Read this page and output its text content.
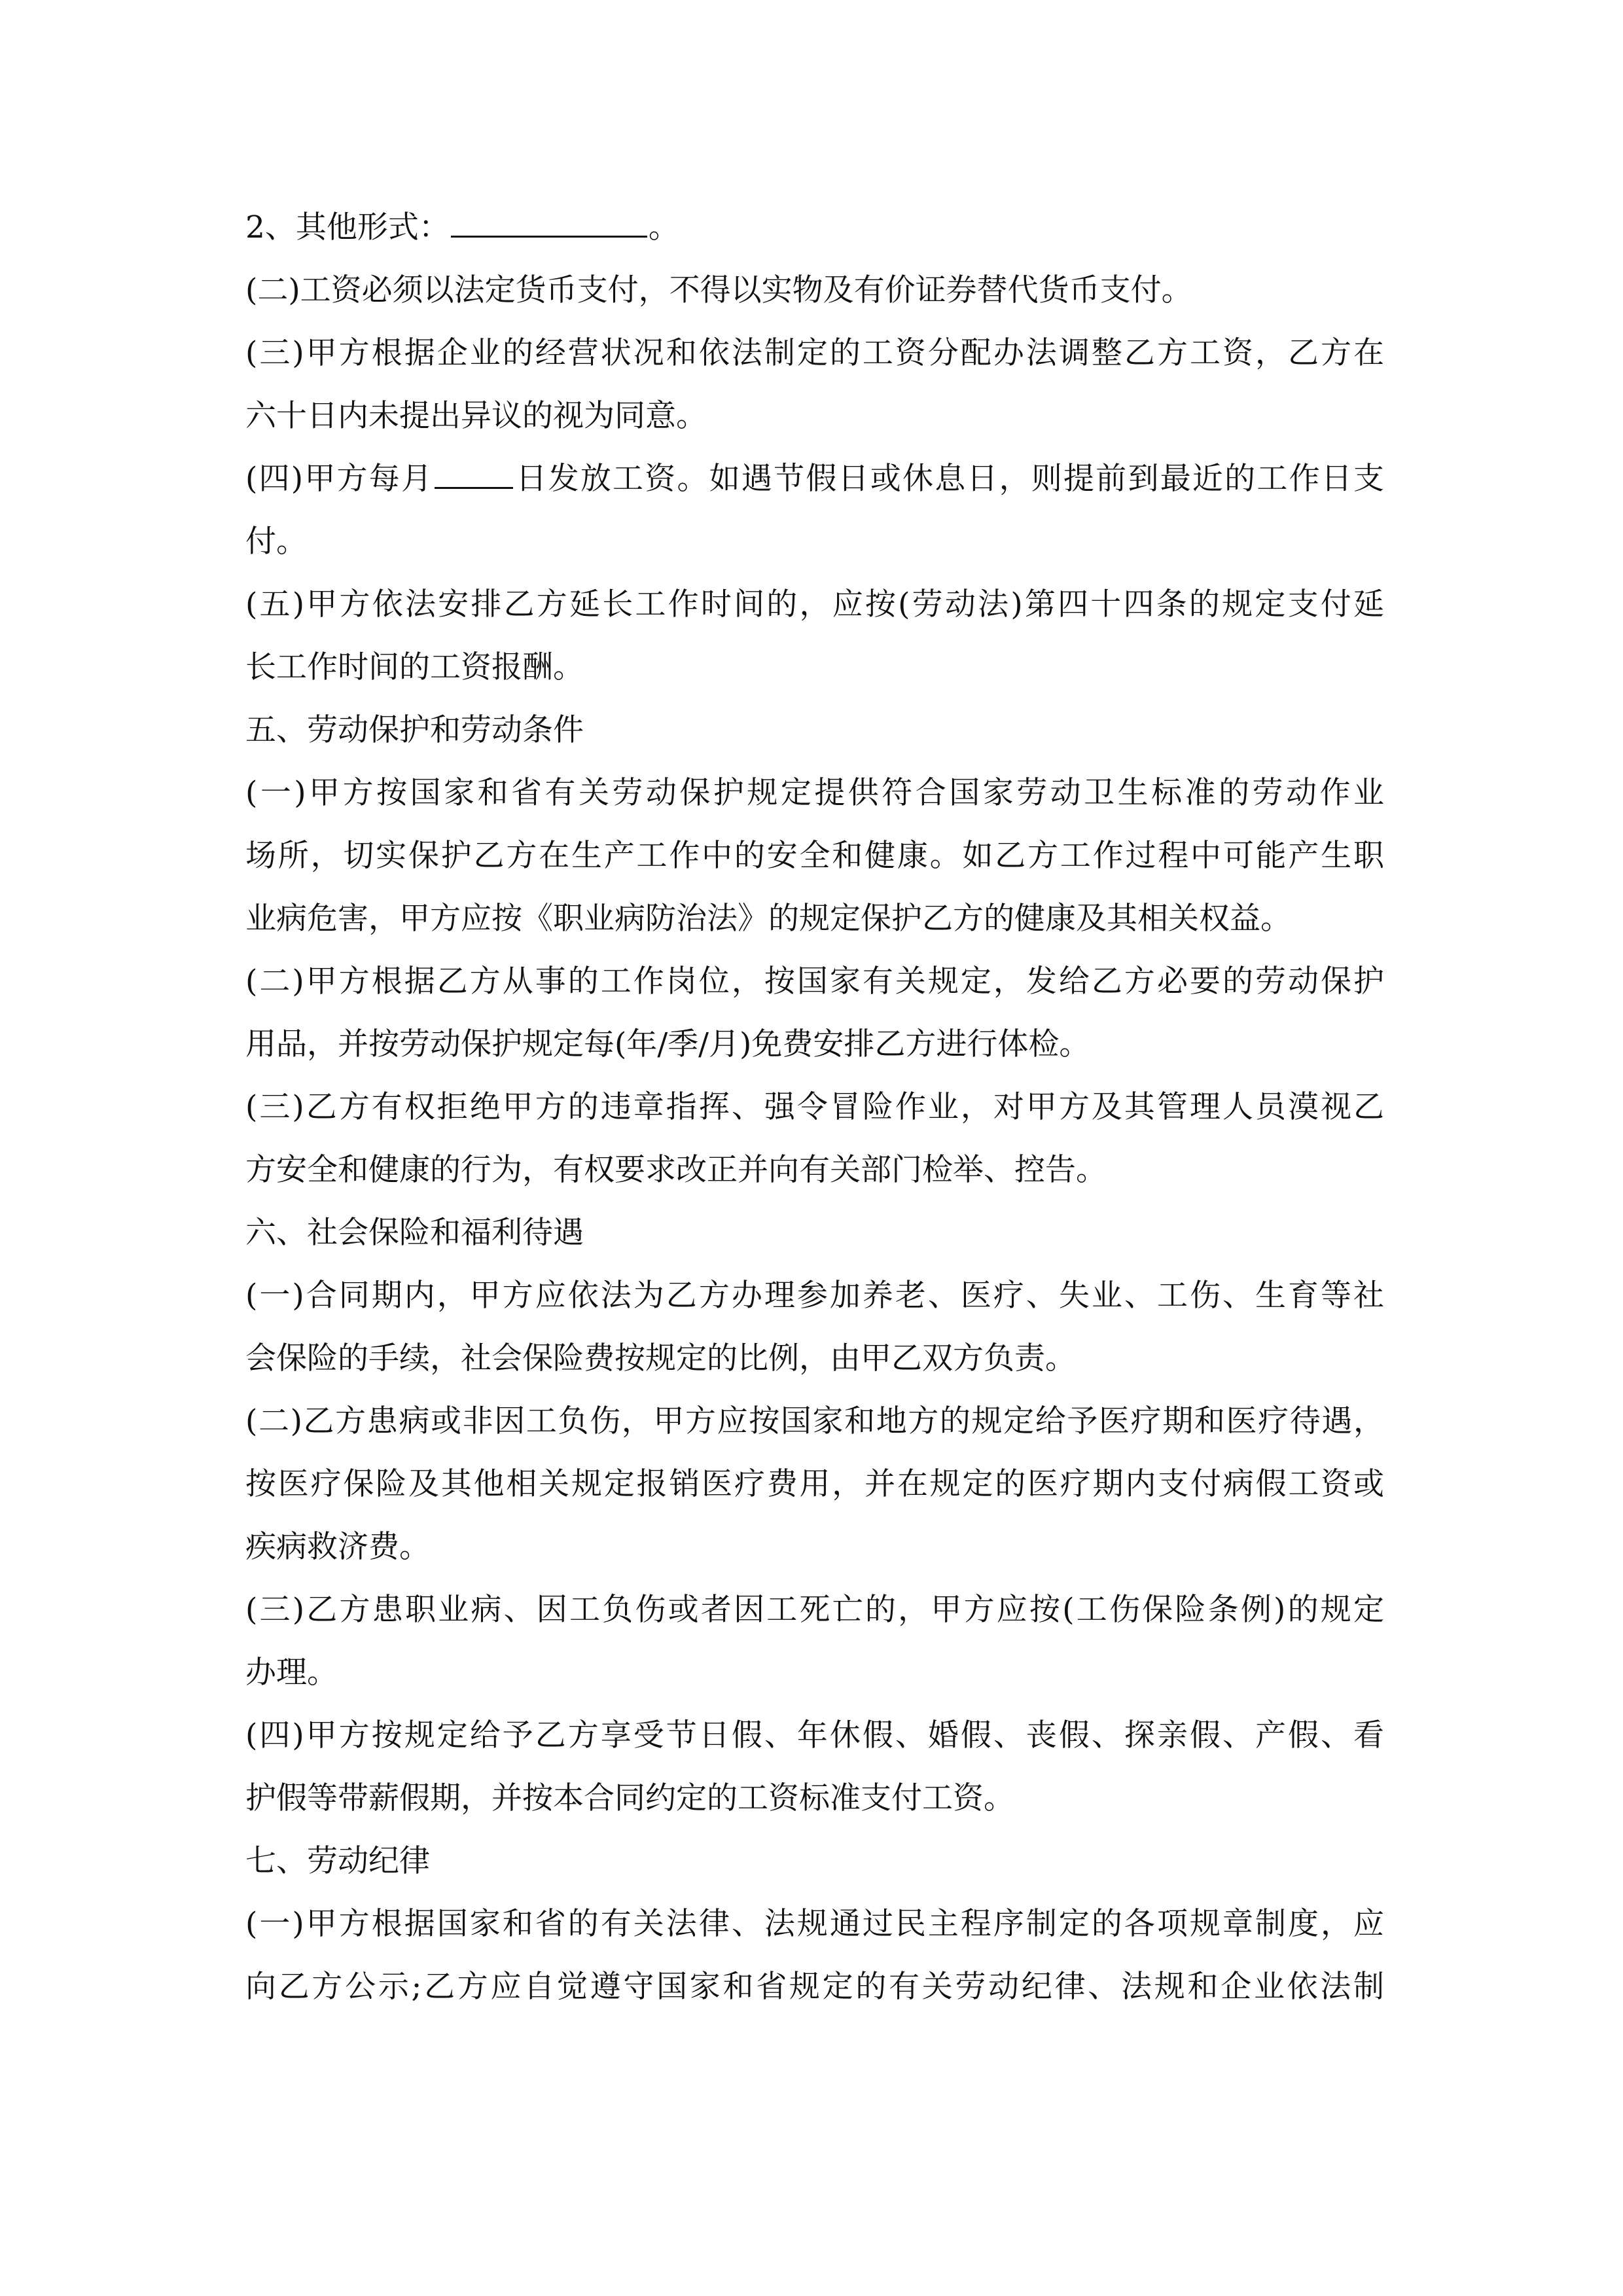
2、其他形式：	。
(二)工资必须以法定货币支付，不得以实物及有价证券替代货币支付。
(三)甲方根据企业的经营状况和依法制定的工资分配办法调整乙方工资，乙方在
六十日内未提出异议的视为同意。
(四)甲方每月	日发放工资。如遇节假日或休息日，则提前到最近的工作日支
付。
(五)甲方依法安排乙方延长工作时间的，应按(劳动法)第四十四条的规定支付延
长工作时间的工资报酬。
五、劳动保护和劳动条件
(一)甲方按国家和省有关劳动保护规定提供符合国家劳动卫生标准的劳动作业
场所，切实保护乙方在生产工作中的安全和健康。如乙方工作过程中可能产生职
业病危害，甲方应按《职业病防治法》的规定保护乙方的健康及其相关权益。
(二)甲方根据乙方从事的工作岗位，按国家有关规定，发给乙方必要的劳动保护
用品，并按劳动保护规定每(年/季/月)免费安排乙方进行体检。
(三)乙方有权拒绝甲方的违章指挥、强令冒险作业，对甲方及其管理人员漠视乙
方安全和健康的行为，有权要求改正并向有关部门检举、控告。
六、社会保险和福利待遇
(一)合同期内，甲方应依法为乙方办理参加养老、医疗、失业、工伤、生育等社
会保险的手续，社会保险费按规定的比例，由甲乙双方负责。
(二)乙方患病或非因工负伤，甲方应按国家和地方的规定给予医疗期和医疗待遇，
按医疗保险及其他相关规定报销医疗费用，并在规定的医疗期内支付病假工资或
疾病救济费。
(三)乙方患职业病、因工负伤或者因工死亡的，甲方应按(工伤保险条例)的规定
办理。
(四)甲方按规定给予乙方享受节日假、年休假、婚假、丧假、探亲假、产假、看
护假等带薪假期，并按本合同约定的工资标准支付工资。
七、劳动纪律
(一)甲方根据国家和省的有关法律、法规通过民主程序制定的各项规章制度，应
向乙方公示;乙方应自觉遵守国家和省规定的有关劳动纪律、法规和企业依法制
